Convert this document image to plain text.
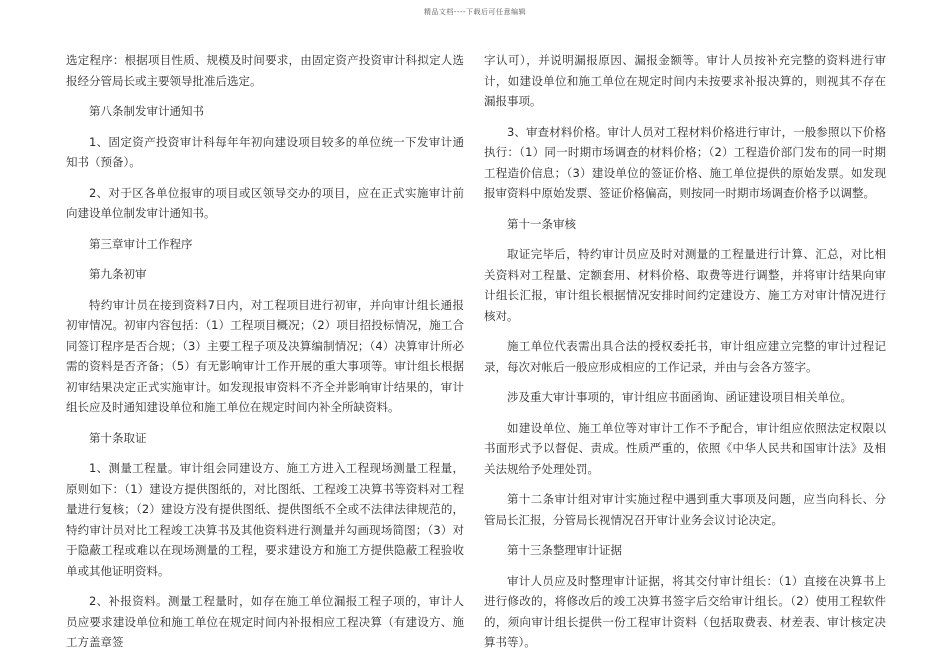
精品文档----下载后可任意编辑
选定程序：根据项目性质、规模及时间要求，由固定资产投资审计科拟定人选报经分管局长或主要领导批准后选定。
第八条制发审计通知书
1、固定资产投资审计科每年年初向建设项目较多的单位统一下发审计通知书（预备）。
2、对于区各单位报审的项目或区领导交办的项目，应在正式实施审计前向建设单位制发审计通知书。
第三章审计工作程序
第九条初审
特约审计员在接到资料7日内，对工程项目进行初审，并向审计组长通报初审情况。初审内容包括：（1）工程项目概况；（2）项目招投标情况，施工合同签订程序是否合规；（3）主要工程子项及决算编制情况；（4）决算审计所必需的资料是否齐备；（5）有无影响审计工作开展的重大事项等。审计组长根据初审结果决定正式实施审计。如发现报审资料不齐全并影响审计结果的，审计组长应及时通知建设单位和施工单位在规定时间内补全所缺资料。
第十条取证
1、测量工程量。审计组会同建设方、施工方进入工程现场测量工程量，原则如下：（1）建设方提供图纸的，对比图纸、工程竣工决算书等资料对工程量进行复核；（2）建设方没有提供图纸、提供图纸不全或不法律法律规范的，特约审计员对比工程竣工决算书及其他资料进行测量并勾画现场简图；（3）对于隐蔽工程或难以在现场测量的工程，要求建设方和施工方提供隐蔽工程验收单或其他证明资料。
2、补报资料。测量工程量时，如存在施工单位漏报工程子项的，审计人员应要求建设单位和施工单位在规定时间内补报相应工程决算（有建设方、施工方盖章签
字认可），并说明漏报原因、漏报金额等。审计人员按补充完整的资料进行审计，如建设单位和施工单位在规定时间内未按要求补报决算的，则视其不存在漏报事项。
3、审查材料价格。审计人员对工程材料价格进行审计，一般参照以下价格执行：（1）同一时期市场调查的材料价格；（2）工程造价部门发布的同一时期工程造价信息；（3）建设单位的签证价格、施工单位提供的原始发票。如发现报审资料中原始发票、签证价格偏高，则按同一时期市场调查价格予以调整。
第十一条审核
取证完毕后，特约审计员应及时对测量的工程量进行计算、汇总，对比相关资料对工程量、定额套用、材料价格、取费等进行调整，并将审计结果向审计组长汇报，审计组长根据情况安排时间约定建设方、施工方对审计情况进行核对。
施工单位代表需出具合法的授权委托书，审计组应建立完整的审计过程记录，每次对帐后一般应形成相应的工作记录，并由与会各方签字。
涉及重大审计事项的，审计组应书面函询、函证建设项目相关单位。
如建设单位、施工单位等对审计工作不予配合，审计组应依照法定权限以书面形式予以督促、责成。性质严重的，依照《中华人民共和国审计法》及相关法规给予处理处罚。
第十二条审计组对审计实施过程中遇到重大事项及问题，应当向科长、分管局长汇报，分管局长视情况召开审计业务会议讨论决定。
第十三条整理审计证据
审计人员应及时整理审计证据，将其交付审计组长：（1）直接在决算书上进行修改的，将修改后的竣工决算书签字后交给审计组长。（2）使用工程软件的，须向审计组长提供一份工程审计资料（包括取费表、材差表、审计核定决算书等）。
